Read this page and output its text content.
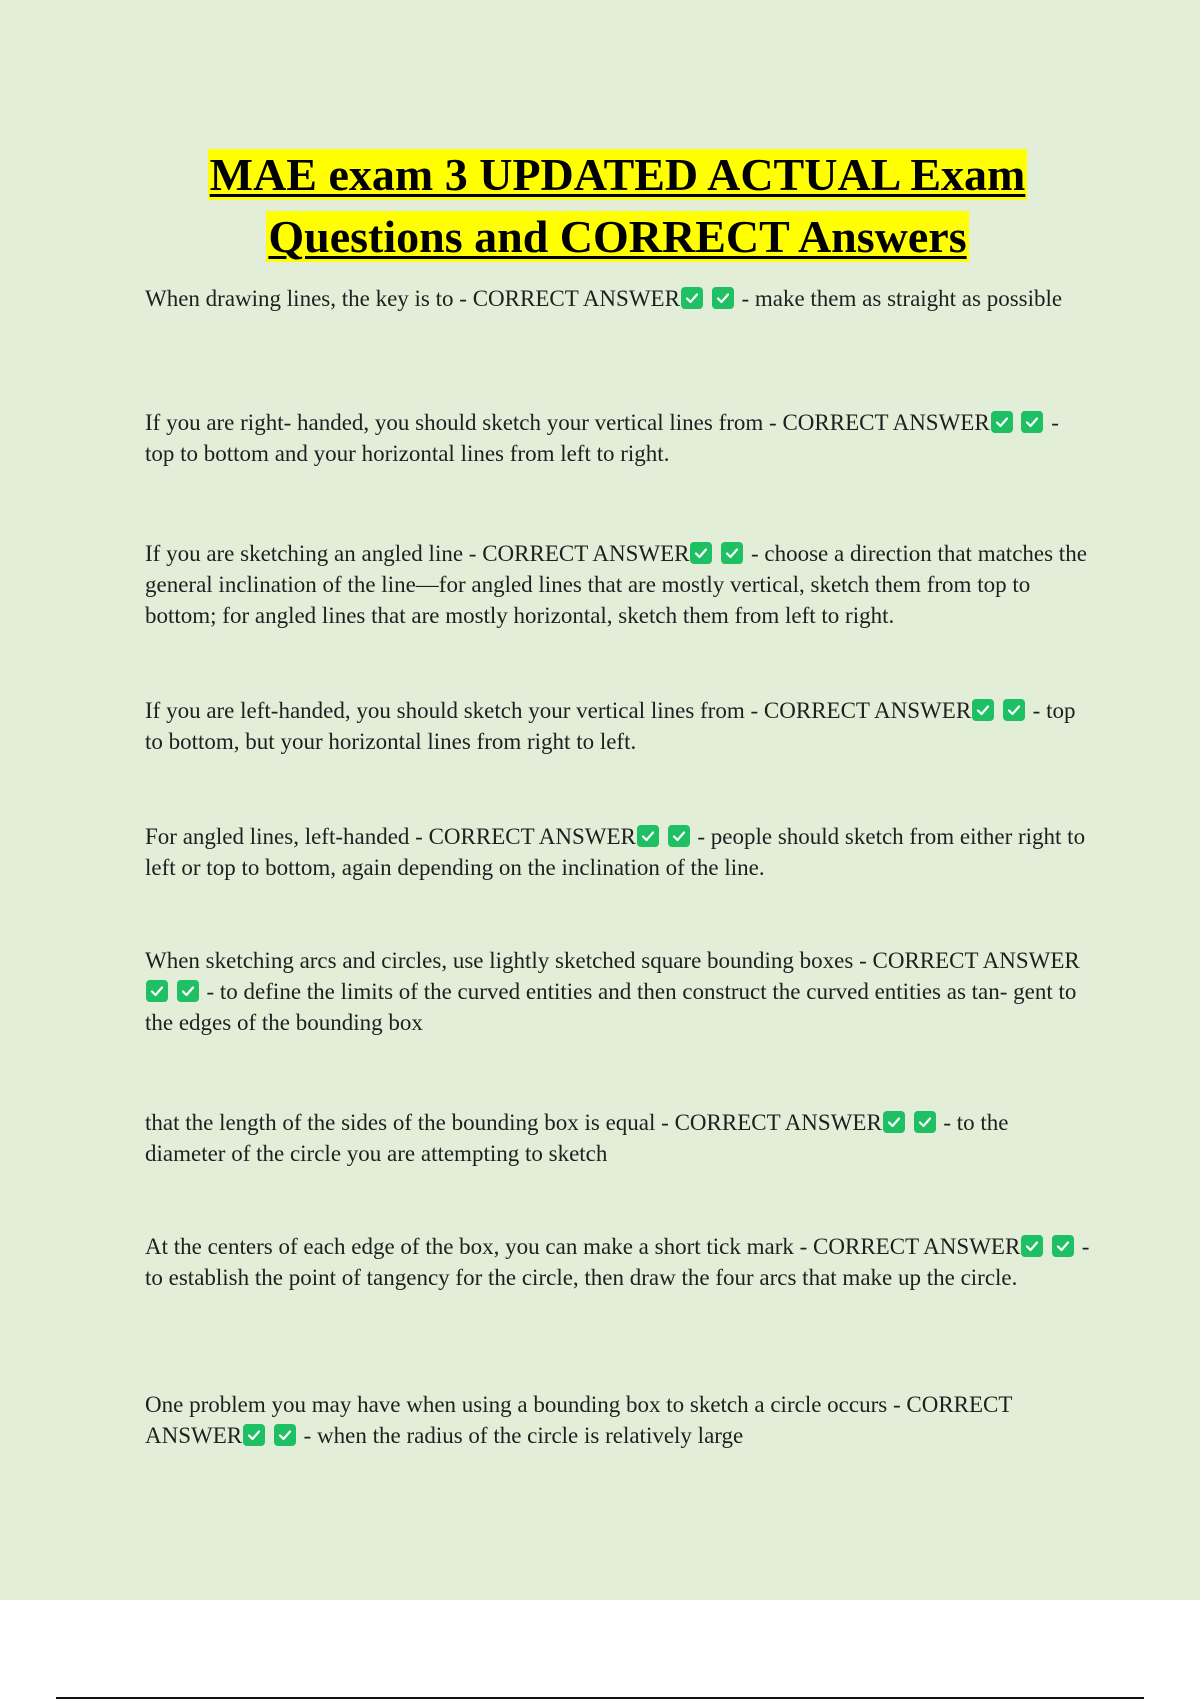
MAE exam 3 UPDATED ACTUAL Exam Questions and CORRECT Answers
When drawing lines, the key is to - CORRECT ANSWER

- make them as straight as possible
If you are right- handed, you should sketch your vertical lines from - CORRECT ANSWER

- top to bottom and your horizontal lines from left to right.
If you are sketching an angled line - CORRECT ANSWER

- choose a direction that matches the general inclination of the line—for angled lines that are mostly vertical, sketch them from top to bottom; for angled lines that are mostly horizontal, sketch them from left to right.
If you are left-handed, you should sketch your vertical lines from - CORRECT ANSWER

- top to bottom, but your horizontal lines from right to left.
For angled lines, left-handed - CORRECT ANSWER

- people should sketch from either right to left or top to bottom, again depending on the inclination of the line.
When sketching arcs and circles, use lightly sketched square bounding boxes - CORRECT ANSWER

- to define the limits of the curved entities and then construct the curved entities as tan- gent to the edges of the bounding box
that the length of the sides of the bounding box is equal - CORRECT ANSWER

- to the diameter of the circle you are attempting to sketch
At the centers of each edge of the box, you can make a short tick mark - CORRECT ANSWER

- to establish the point of tangency for the circle, then draw the four arcs that make up the circle.
One problem you may have when using a bounding box to sketch a circle occurs - CORRECT ANSWER

- when the radius of the circle is relatively large
